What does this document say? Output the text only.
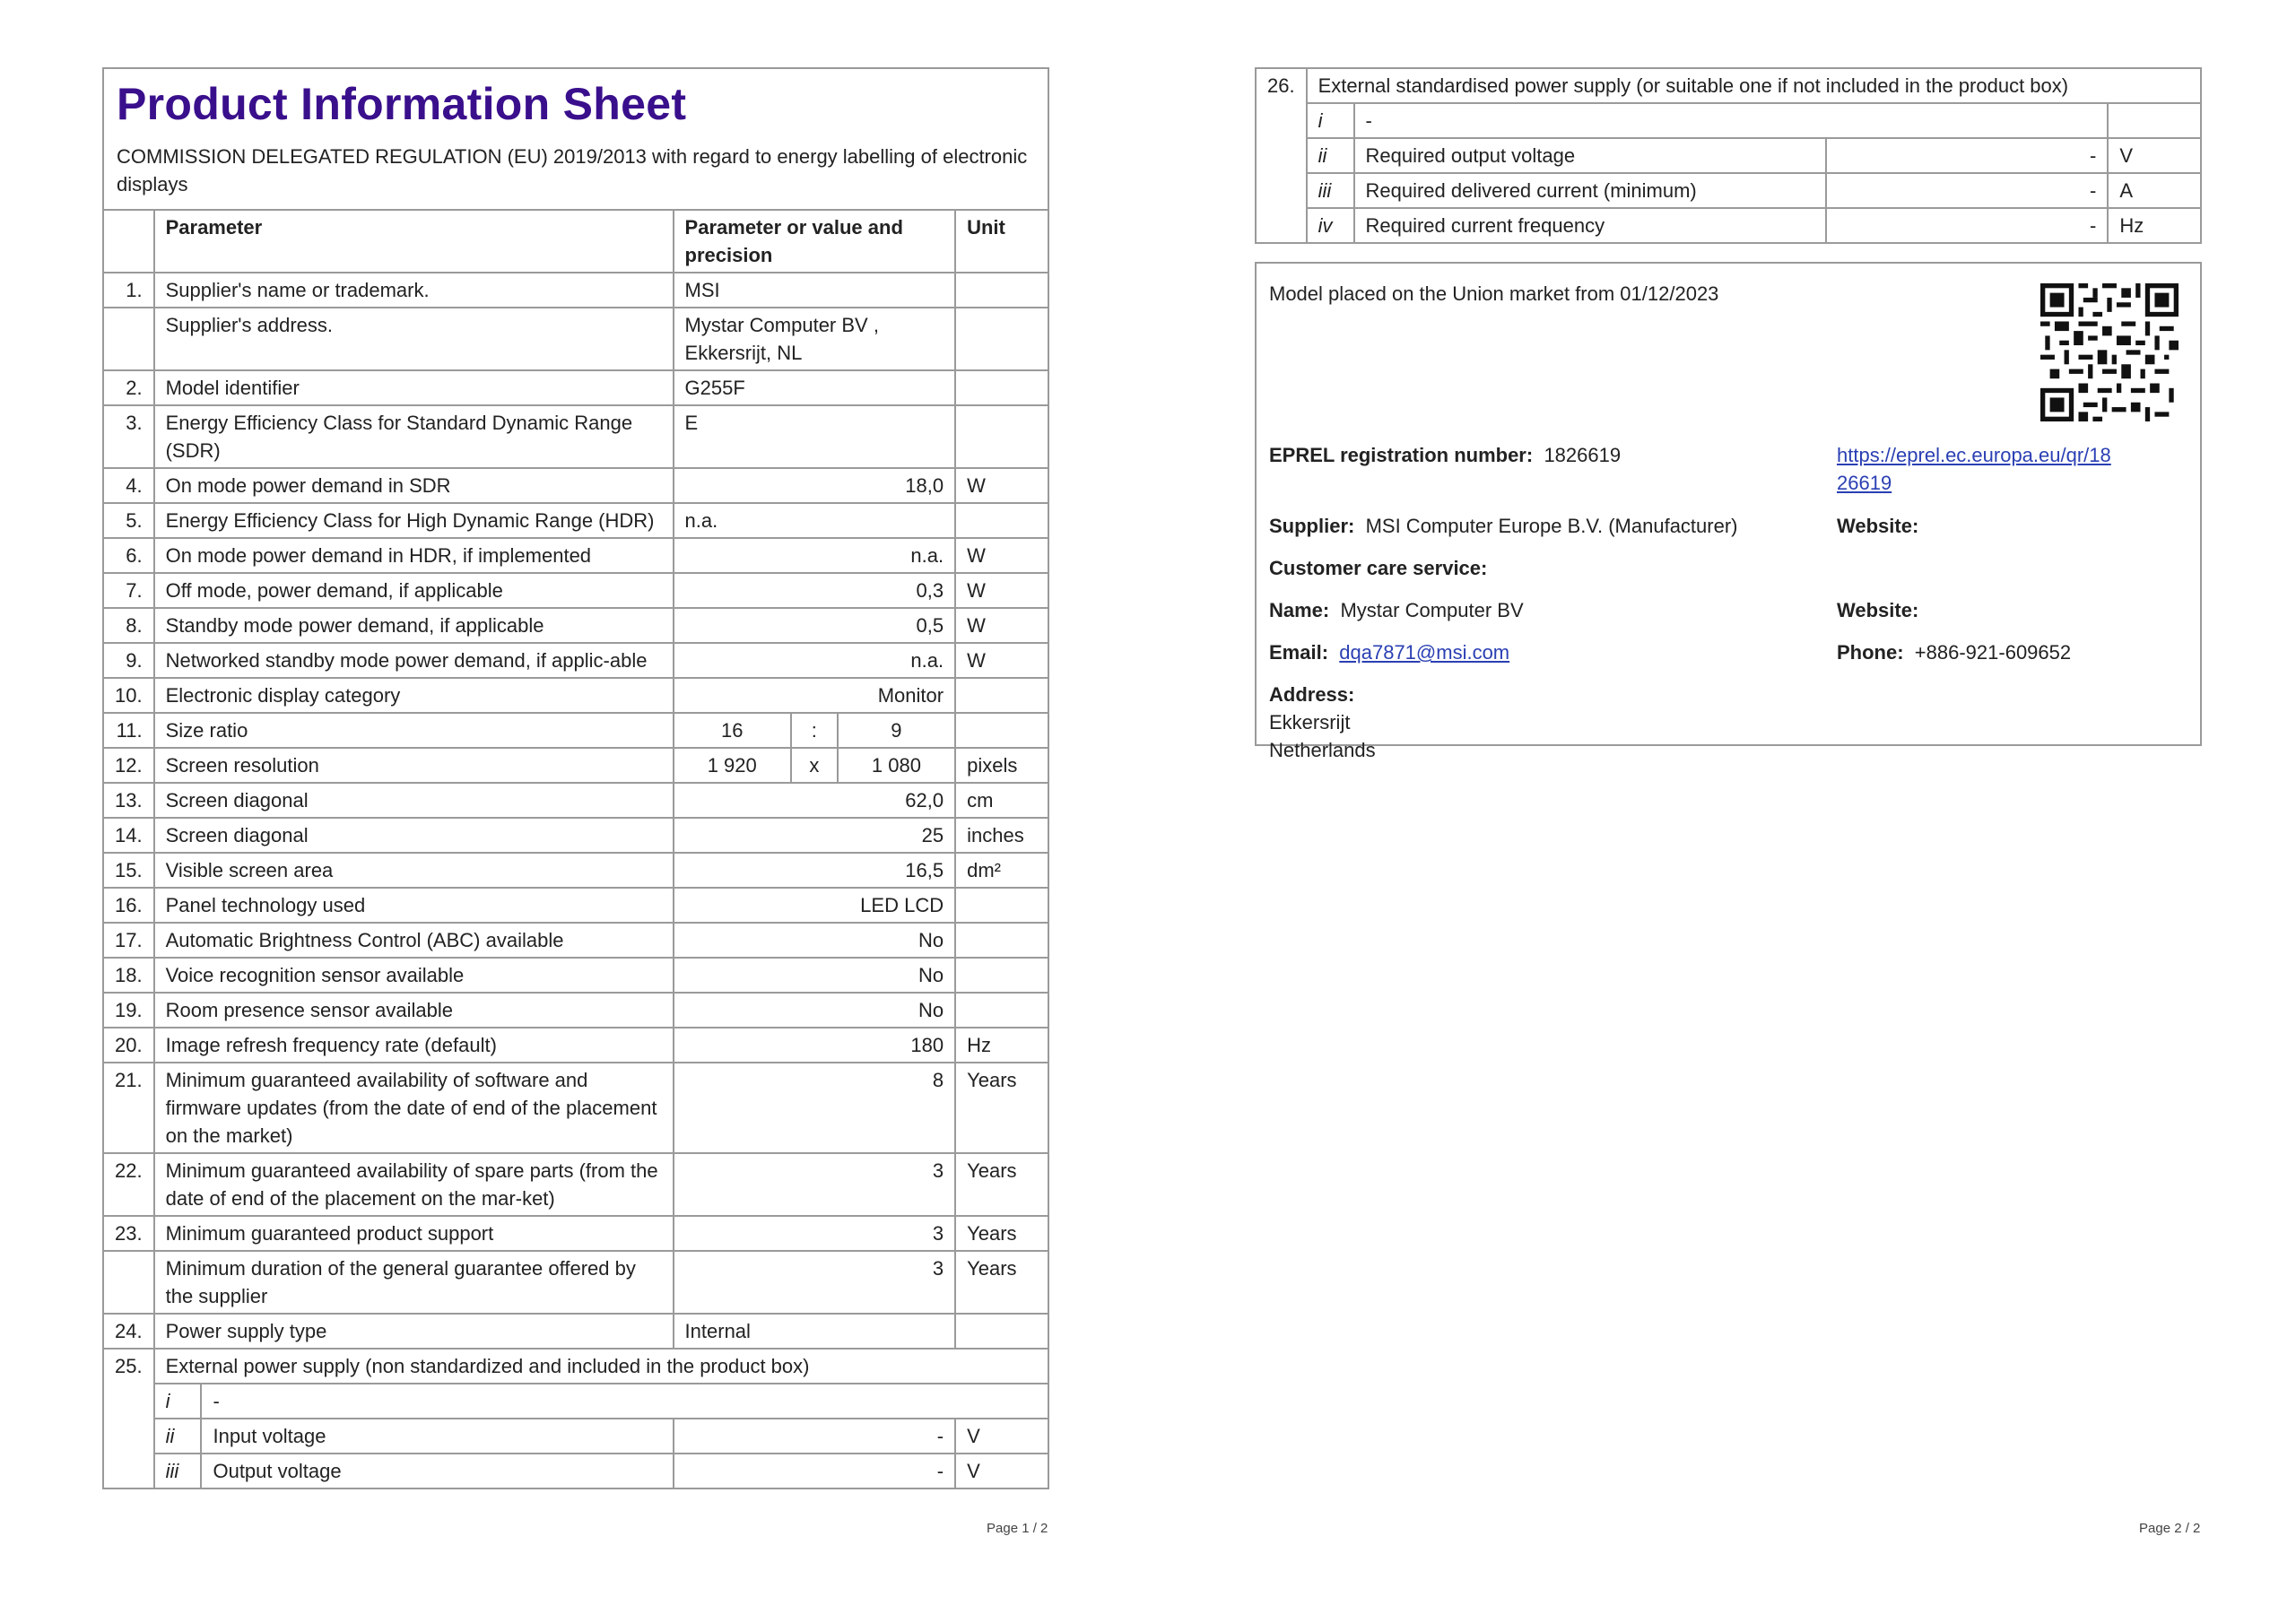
Product Information Sheet
COMMISSION DELEGATED REGULATION (EU) 2019/2013 with regard to energy labelling of electronic displays
	Parameter		Parameter or value and precision			Unit
1.	Supplier's name or trademark.		MSI			
	Supplier's address.		Mystar Computer BV , Ekkersrijt, NL			
2.	Model identifier		G255F			
3.	Energy Efficiency Class for Standard Dynamic Range (SDR)		E			
4.	On mode power demand in SDR		18,0			W
5.	Energy Efficiency Class for High Dynamic Range (HDR)		n.a.			
6.	On mode power demand in HDR, if implemented		n.a.			W
7.	Off mode, power demand, if applicable		0,3			W
8.	Standby mode power demand, if applicable		0,5			W
9.	Networked standby mode power demand, if applic-able		n.a.			W
10.	Electronic display category		Monitor			
11.	Size ratio		16	:	9	
12.	Screen resolution		1 920	x	1 080	pixels
13.	Screen diagonal		62,0			cm
14.	Screen diagonal		25			inches
15.	Visible screen area		16,5			dm²
16.	Panel technology used		LED LCD			
17.	Automatic Brightness Control (ABC) available		No			
18.	Voice recognition sensor available		No			
19.	Room presence sensor available		No			
20.	Image refresh frequency rate (default)		180			Hz
21.	Minimum guaranteed availability of software and firmware updates (from the date of end of the placement on the market)		8			Years
22.	Minimum guaranteed availability of spare parts (from the date of end of the placement on the mar-ket)		3			Years
23.	Minimum guaranteed product support		3			Years
	Minimum duration of the general guarantee offered by the supplier		3			Years
24.	Power supply type		Internal			
25.	External power supply (non standardized and included in the product box)					
	i	-				
	ii	Input voltage	-			V
	iii	Output voltage	-			V
Page 1 / 2
26.	External standardised power supply (or suitable one if not included in the product box)			
	i	-		
	ii	Required output voltage	-	V
	iii	Required delivered current (minimum)	-	A
	iv	Required current frequency	-	Hz
Model placed on the Union market from 01/12/2023
EPREL registration number: 1826619	https://eprel.ec.europa.eu/qr/18
26619
Supplier: MSI Computer Europe B.V. (Manufacturer)	Website:
Customer care service:
Name: Mystar Computer BV	Website:
Email: dqa7871@msi.com	Phone: +886-921-609652
Address:
Ekkersrijt
Netherlands
Page 2 / 2
